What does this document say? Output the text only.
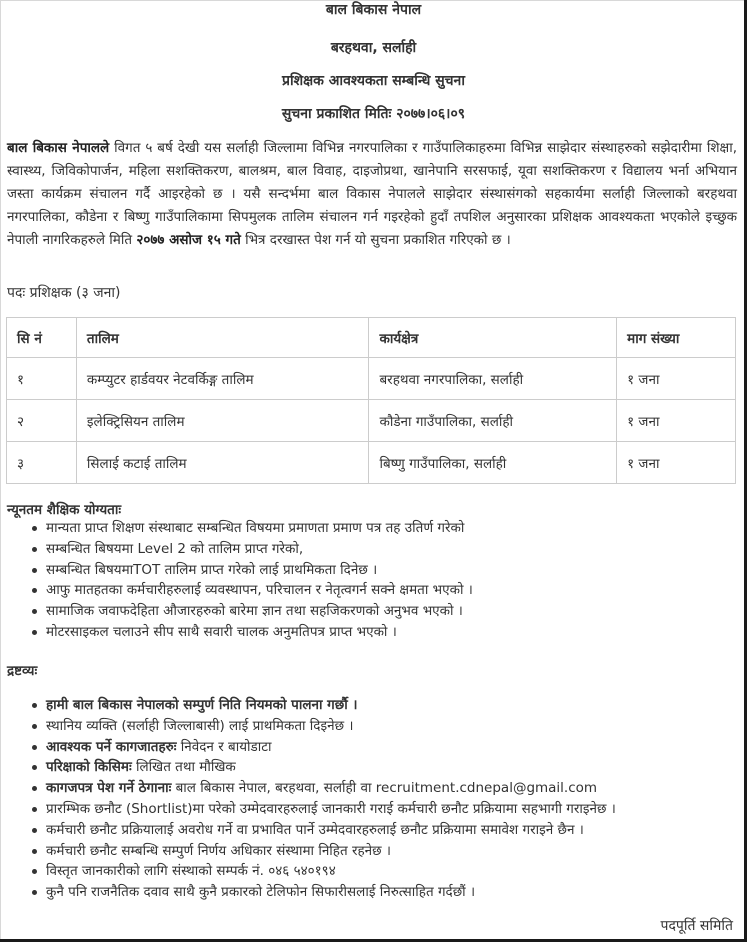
बाल बिकास नेपाल
बरहथवा, सर्लाही
प्रशिक्षक आवश्यकता सम्बन्धि सुचना
सुचना प्रकाशित मितिः २०७७।०६।०९

बाल बिकास नेपालले विगत ५ बर्ष देखी यस सर्लाही जिल्लामा विभिन्न नगरपालिका र गाउँपालिकाहरुमा विभिन्न साझेदार संस्थाहरुको सझेदारीमा शिक्षा, स्वास्थ्य, जिविकोपार्जन, महिला सशक्तिकरण, बालश्रम, बाल विवाह, दाइजोप्रथा, खानेपानि सरसफाई, यूवा सशक्तिकरण र विद्यालय भर्ना अभियान जस्ता कार्यक्रम संचालन गर्दै आइरहेको छ । यसै सन्दर्भमा बाल विकास नेपालले साझेदार संस्थासंगको सहकार्यमा सर्लाही जिल्लाको बरहथवा नगरपालिका, कौडेना र बिष्णु गाउँपालिकामा सिपमुलक तालिम संचालन गर्न गइरहेको हुदाँ तपशिल अनुसारका प्रशिक्षक आवश्यकता भएकोले इच्छुक नेपाली नागरिकहरुले मिति २०७७ असोज १५ गते भित्र दरखास्त पेश गर्न यो सुचना प्रकाशित गरिएको छ ।

पदः प्रशिक्षक (३ जना)
सि नं	तालिम	कार्यक्षेत्र	माग संख्या
१	कम्प्युटर हार्डवयर नेटवर्किङ्ग तालिम	बरहथवा नगरपालिका, सर्लाही	१ जना
२	इलेक्ट्रिसियन तालिम	कौडेना गाउँपालिका, सर्लाही	१ जना
३	सिलाई कटाई तालिम	बिष्णु गाउँपालिका, सर्लाही	१ जना
न्यूनतम शैक्षिक योग्यताः
मान्यता प्राप्त शिक्षण संस्थाबाट सम्बन्धित विषयमा प्रमाणता प्रमाण पत्र तह उतिर्ण गरेको
सम्बन्धित बिषयमा Level 2 को तालिम प्राप्त गरेको,
सम्बन्धित बिषयमाTOT तालिम प्राप्त गरेको लाई प्राथमिकता दिनेछ ।
आफु मातहतका कर्मचारीहरुलाई व्यवस्थापन, परिचालन र नेतृत्वगर्न सक्ने क्षमता भएको ।
सामाजिक जवाफदेहिता औजारहरुको बारेमा ज्ञान तथा सहजिकरणको अनुभव भएको ।
मोटरसाइकल चलाउने सीप साथै सवारी चालक अनुमतिपत्र प्राप्त भएको ।
द्रष्टव्यः
हामी बाल बिकास नेपालको सम्पुर्ण निति नियमको पालना गर्छौ ।
स्थानिय व्यक्ति (सर्लाही जिल्लाबासी) लाई प्राथमिकता दिइनेछ ।
आवश्यक पर्ने कागजातहरुः निवेदन र बायोडाटा
परिक्षाको किसिमः लिखित तथा मौखिक
कागजपत्र पेश गर्ने ठेगानाः बाल बिकास नेपाल, बरहथवा, सर्लाही वा recruitment.cdnepal@gmail.com
प्रारम्भिक छनौट (Shortlist)मा परेको उम्मेदवारहरुलाई जानकारी गराई कर्मचारी छनौट प्रक्रियामा सहभागी गराइनेछ ।
कर्मचारी छनौट प्रक्रियालाई अवरोध गर्ने वा प्रभावित पार्ने उम्मेदवारहरुलाई छनौट प्रक्रियामा समावेश गराइने छैन ।
कर्मचारी छनौट सम्बन्धि सम्पुर्ण निर्णय अधिकार संस्थामा निहित रहनेछ ।
विस्तृत जानकारीको लागि संस्थाको सम्पर्क नं. ०४६ ५४०१९४
कुनै पनि राजनैतिक दवाव साथै कुनै प्रकारको टेलिफोन सिफारीसलाई निरुत्साहित गर्दछौं ।
पदपूर्ति समिति
